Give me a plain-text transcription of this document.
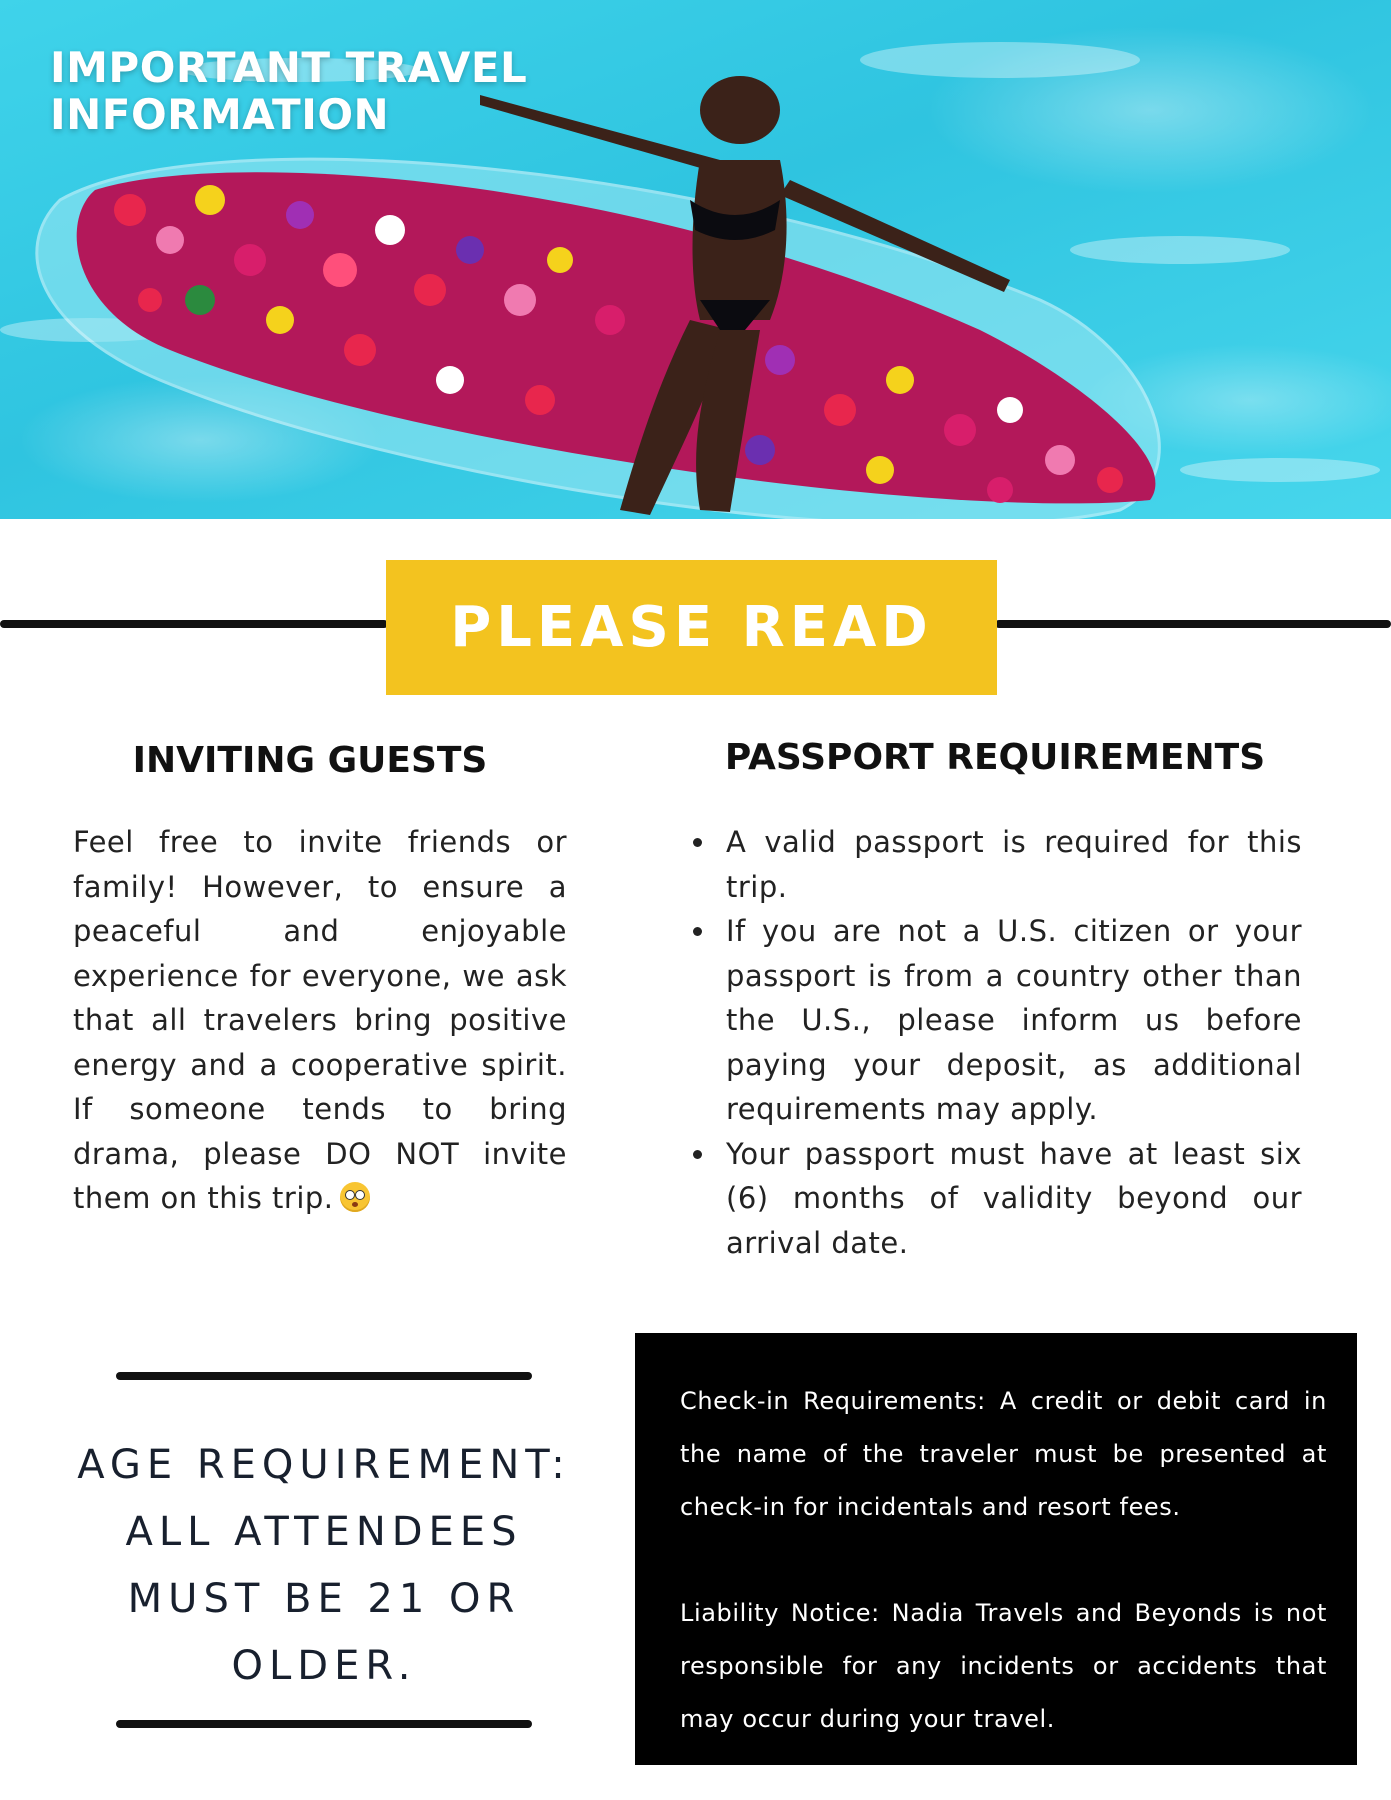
IMPORTANT TRAVEL INFORMATION
PLEASE READ
INVITING GUESTS
Feel free to invite friends or family! However, to ensure a peaceful and enjoyable experience for everyone, we ask that all travelers bring positive energy and a cooperative spirit. If someone tends to bring drama, please DO NOT invite them on this trip.
PASSPORT REQUIREMENTS
A valid passport is required for this trip.
If you are not a U.S. citizen or your passport is from a country other than the U.S., please inform us before paying your deposit, as additional requirements may apply.
Your passport must have at least six (6) months of validity beyond our arrival date.
AGE REQUIREMENT: ALL ATTENDEES MUST BE 21 OR OLDER.

Check-in Requirements: A credit or debit card in the name of the traveler must be presented at check-in for incidentals and resort fees.

Liability Notice: Nadia Travels and Beyonds is not responsible for any incidents or accidents that may occur during your travel.
